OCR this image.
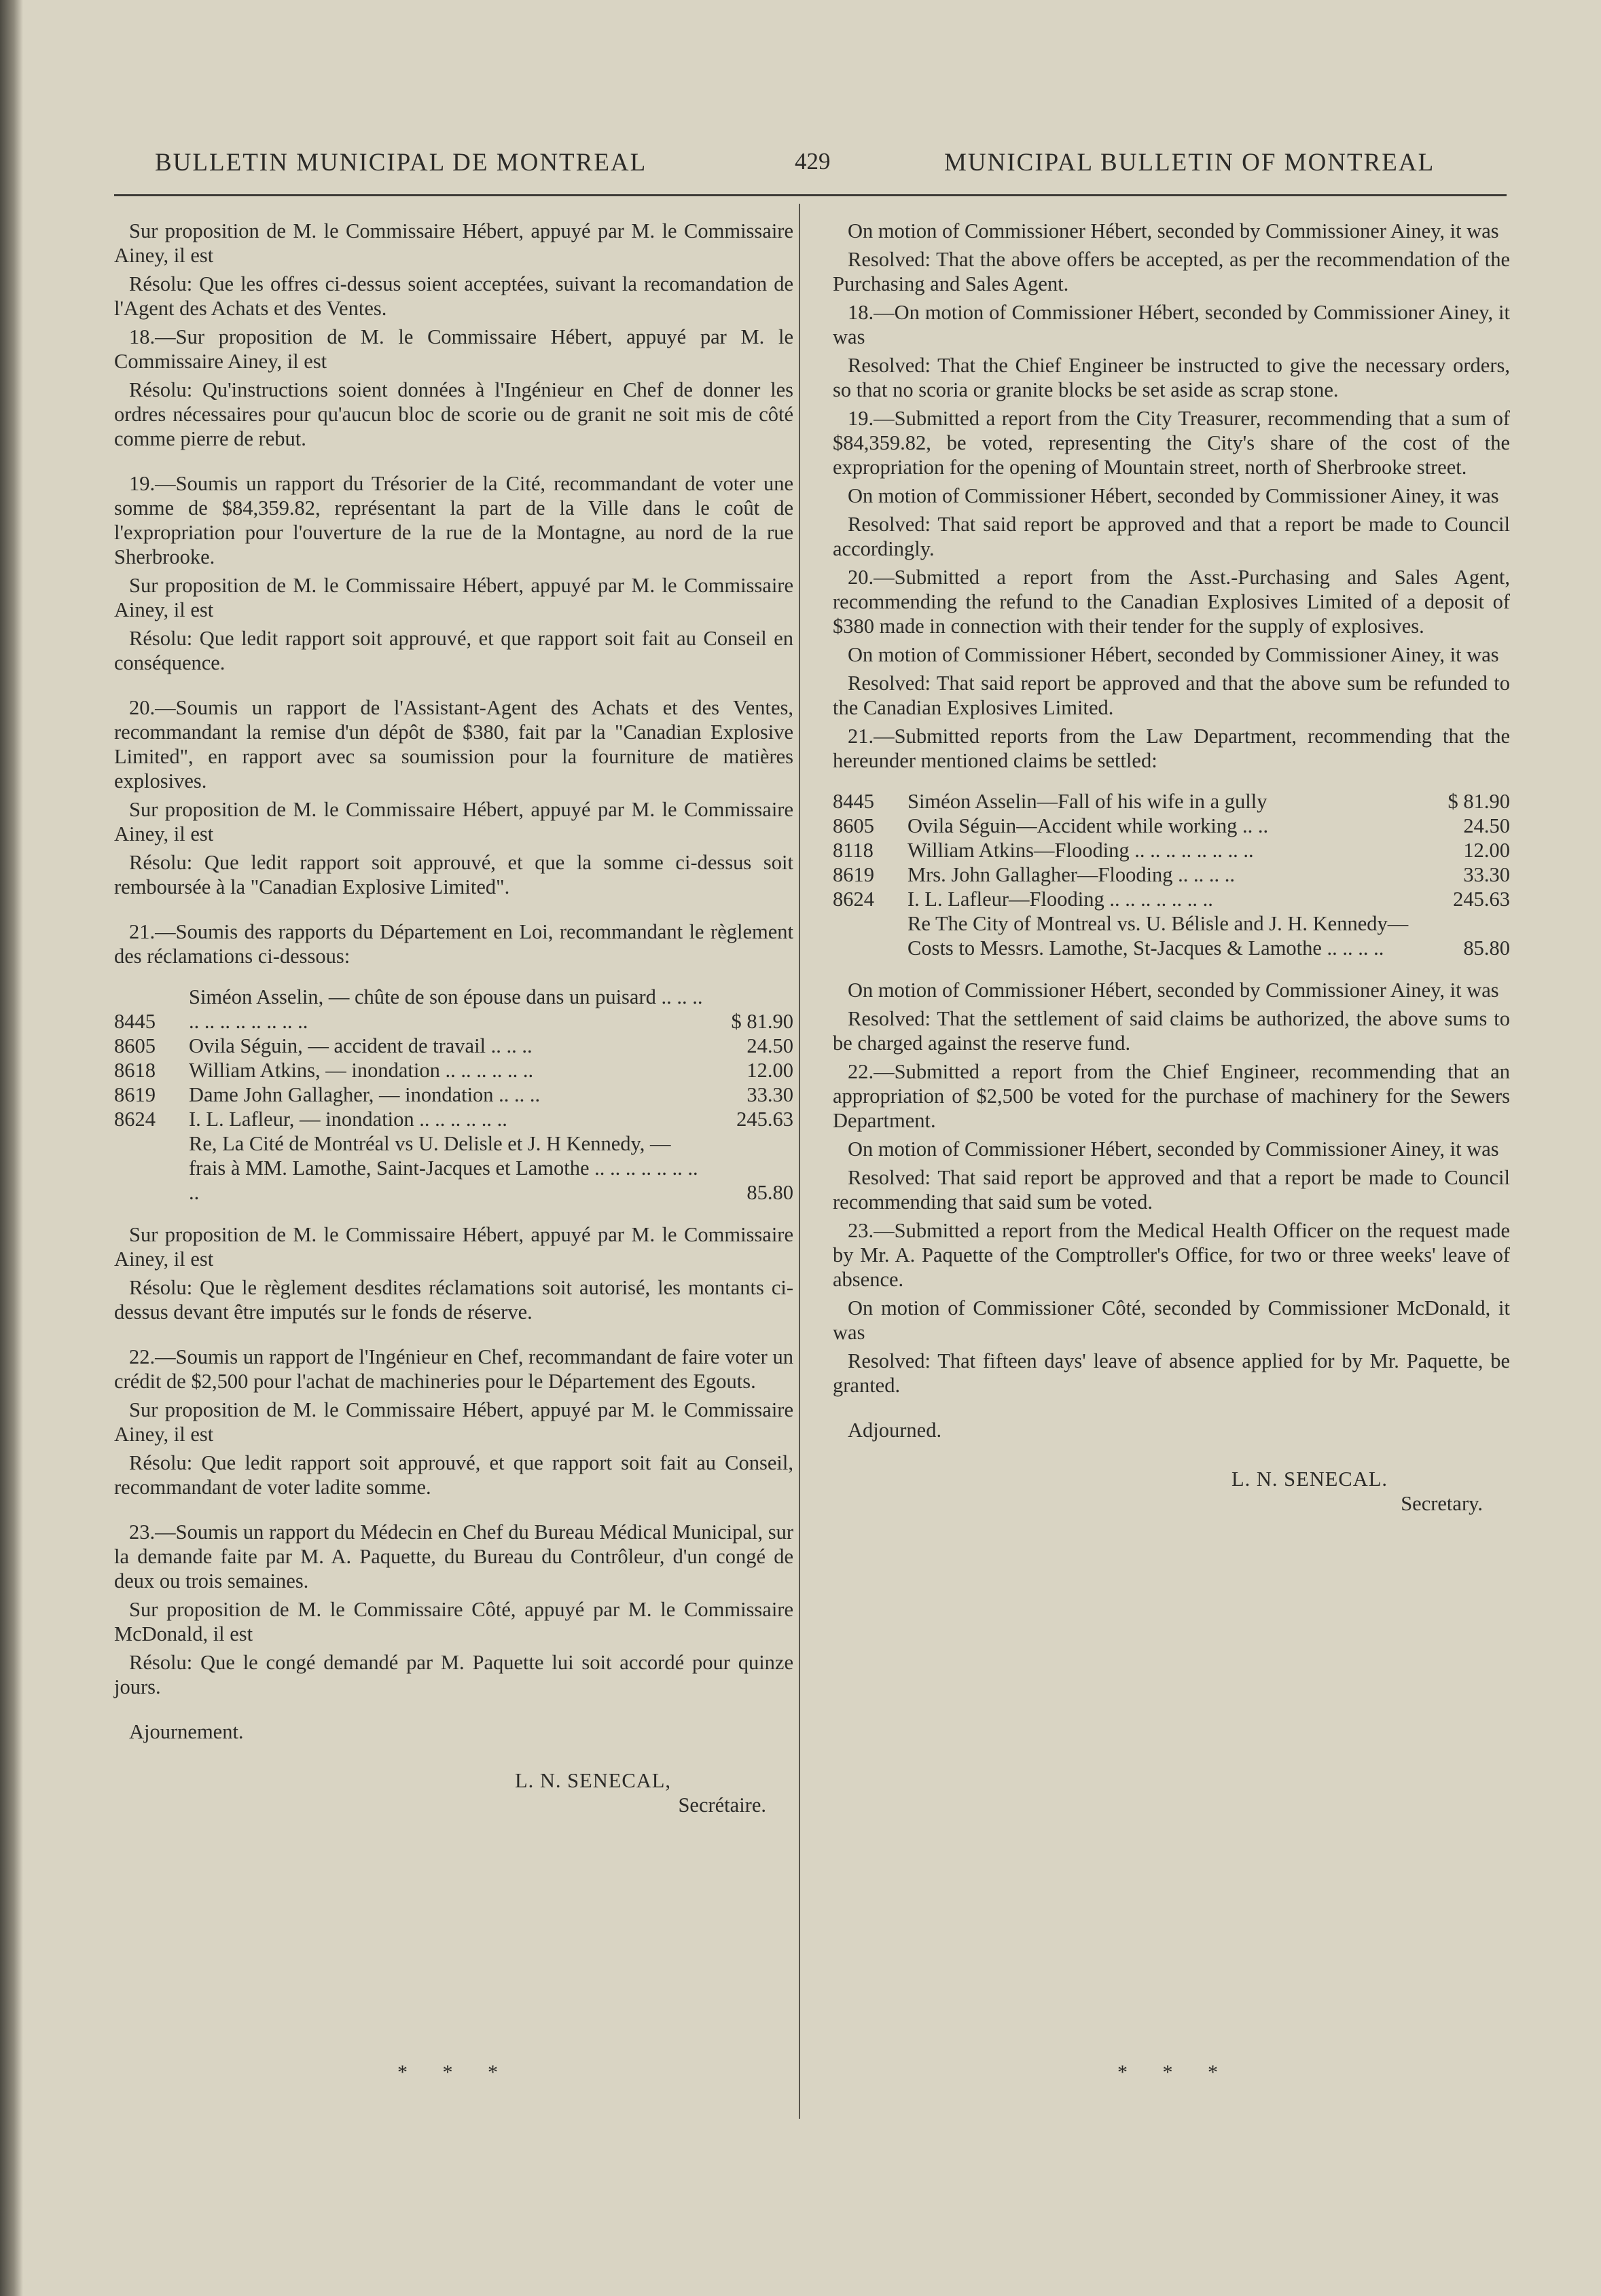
BULLETIN MUNICIPAL DE MONTREAL	429	MUNICIPAL BULLETIN OF MONTREAL

Sur proposition de M. le Commissaire Hébert, appuyé par M. le Commissaire Ainey, il est

Résolu: Que les offres ci-dessus soient acceptées, suivant la recomandation de l'Agent des Achats et des Ventes.

18.—Sur proposition de M. le Commissaire Hébert, appuyé par M. le Commissaire Ainey, il est

Résolu: Qu'instructions soient données à l'Ingénieur en Chef de donner les ordres nécessaires pour qu'aucun bloc de scorie ou de granit ne soit mis de côté comme pierre de rebut.

19.—Soumis un rapport du Trésorier de la Cité, recommandant de voter une somme de $84,359.82, représentant la part de la Ville dans le coût de l'expropriation pour l'ouverture de la rue de la Montagne, au nord de la rue Sherbrooke.

Sur proposition de M. le Commissaire Hébert, appuyé par M. le Commissaire Ainey, il est

Résolu: Que ledit rapport soit approuvé, et que rapport soit fait au Conseil en conséquence.

20.—Soumis un rapport de l'Assistant-Agent des Achats et des Ventes, recommandant la remise d'un dépôt de $380, fait par la "Canadian Explosive Limited", en rapport avec sa soumission pour la fourniture de matières explosives.

Sur proposition de M. le Commissaire Hébert, appuyé par M. le Commissaire Ainey, il est

Résolu: Que ledit rapport soit approuvé, et que la somme ci-dessus soit remboursée à la "Canadian Explosive Limited".

21.—Soumis des rapports du Département en Loi, recommandant le règlement des réclamations ci-dessous:

8445	Siméon Asselin, — chûte de son épouse dans un puisard .. .. .. .. .. .. .. .. .. .. ..	$ 81.90
8605	Ovila Séguin, — accident de travail .. .. ..	24.50
8618	William Atkins, — inondation .. .. .. .. .. ..	12.00
8619	Dame John Gallagher, — inondation .. .. ..	33.30
8624	I. L. Lafleur, — inondation .. .. .. .. .. ..	245.63
	Re, La Cité de Montréal vs U. Delisle et J. H Kennedy, — frais à MM. Lamothe, Saint-Jacques et Lamothe .. .. .. .. .. .. .. ..	85.80

Sur proposition de M. le Commissaire Hébert, appuyé par M. le Commissaire Ainey, il est

Résolu: Que le règlement desdites réclamations soit autorisé, les montants ci-dessus devant être imputés sur le fonds de réserve.

22.—Soumis un rapport de l'Ingénieur en Chef, recommandant de faire voter un crédit de $2,500 pour l'achat de machineries pour le Département des Egouts.

Sur proposition de M. le Commissaire Hébert, appuyé par M. le Commissaire Ainey, il est

Résolu: Que ledit rapport soit approuvé, et que rapport soit fait au Conseil, recommandant de voter ladite somme.

23.—Soumis un rapport du Médecin en Chef du Bureau Médical Municipal, sur la demande faite par M. A. Paquette, du Bureau du Contrôleur, d'un congé de deux ou trois semaines.

Sur proposition de M. le Commissaire Côté, appuyé par M. le Commissaire McDonald, il est

Résolu: Que le congé demandé par M. Paquette lui soit accordé pour quinze jours.

Ajournement.
L. N. SENECAL,
Secrétaire.

On motion of Commissioner Hébert, seconded by Commissioner Ainey, it was

Resolved: That the above offers be accepted, as per the recommendation of the Purchasing and Sales Agent.

18.—On motion of Commissioner Hébert, seconded by Commissioner Ainey, it was

Resolved: That the Chief Engineer be instructed to give the necessary orders, so that no scoria or granite blocks be set aside as scrap stone.

19.—Submitted a report from the City Treasurer, recommending that a sum of $84,359.82, be voted, representing the City's share of the cost of the expropriation for the opening of Mountain street, north of Sherbrooke street.

On motion of Commissioner Hébert, seconded by Commissioner Ainey, it was

Resolved: That said report be approved and that a report be made to Council accordingly.

20.—Submitted a report from the Asst.-Purchasing and Sales Agent, recommending the refund to the Canadian Explosives Limited of a deposit of $380 made in connection with their tender for the supply of explosives.

On motion of Commissioner Hébert, seconded by Commissioner Ainey, it was

Resolved: That said report be approved and that the above sum be refunded to the Canadian Explosives Limited.

21.—Submitted reports from the Law Department, recommending that the hereunder mentioned claims be settled:

8445	Siméon Asselin—Fall of his wife in a gully	$ 81.90
8605	Ovila Séguin—Accident while working .. ..	24.50
8118	William Atkins—Flooding .. .. .. .. .. .. .. ..	12.00
8619	Mrs. John Gallagher—Flooding .. .. .. ..	33.30
8624	I. L. Lafleur—Flooding .. .. .. .. .. .. ..	245.63
	Re The City of Montreal vs. U. Bélisle and J. H. Kennedy—Costs to Messrs. Lamothe, St-Jacques & Lamothe .. .. .. ..	85.80

On motion of Commissioner Hébert, seconded by Commissioner Ainey, it was

Resolved: That the settlement of said claims be authorized, the above sums to be charged against the reserve fund.

22.—Submitted a report from the Chief Engineer, recommending that an appropriation of $2,500 be voted for the purchase of machinery for the Sewers Department.

On motion of Commissioner Hébert, seconded by Commissioner Ainey, it was

Resolved: That said report be approved and that a report be made to Council recommending that said sum be voted.

23.—Submitted a report from the Medical Health Officer on the request made by Mr. A. Paquette of the Comptroller's Office, for two or three weeks' leave of absence.

On motion of Commissioner Côté, seconded by Commissioner McDonald, it was

Resolved: That fifteen days' leave of absence applied for by Mr. Paquette, be granted.

Adjourned.
L. N. SENECAL.
Secretary.
* * *	* * *
